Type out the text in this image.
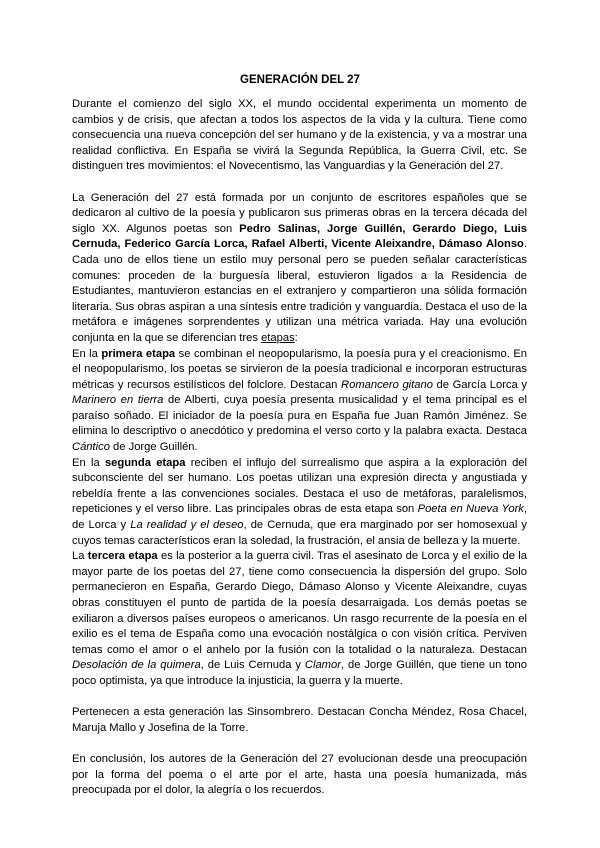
GENERACIÓN DEL 27

Durante el comienzo del siglo XX, el mundo occidental experimenta un momento de cambios y de crisis, que afectan a todos los aspectos de la vida y la cultura. Tiene como consecuencia una nueva concepción del ser humano y de la existencia, y va a mostrar una realidad conflictiva. En España se vivirá la Segunda República, la Guerra Civil, etc. Se distinguen tres movimientos: el Novecentismo, las Vanguardias y la Generación del 27.

La Generación del 27 está formada por un conjunto de escritores españoles que se dedicaron al cultivo de la poesía y publicaron sus primeras obras en la tercera década del siglo XX. Algunos poetas son Pedro Salinas, Jorge Guillén, Gerardo Diego, Luis Cernuda, Federico García Lorca, Rafael Alberti, Vicente Aleixandre, Dámaso Alonso. Cada uno de ellos tiene un estilo muy personal pero se pueden señalar características comunes: proceden de la burguesía liberal, estuvieron ligados a la Residencia de Estudiantes, mantuvieron estancias en el extranjero y compartieron una sólida formación literaria. Sus obras aspiran a una síntesis entre tradición y vanguardia. Destaca el uso de la metáfora e imágenes sorprendentes y utilizan una métrica variada. Hay una evolución conjunta en la que se diferencian tres etapas:

En la primera etapa se combinan el neopopularismo, la poesía pura y el creacionismo. En el neopopularismo, los poetas se sirvieron de la poesía tradicional e incorporan estructuras métricas y recursos estilísticos del folclore. Destacan Romancero gitano de García Lorca y Marinero en tierra de Alberti, cuya poesía presenta musicalidad y el tema principal es el paraíso soñado. El iniciador de la poesía pura en España fue Juan Ramón Jiménez. Se elimina lo descriptivo o anecdótico y predomina el verso corto y la palabra exacta. Destaca Cántico de Jorge Guillén.

En la segunda etapa reciben el influjo del surrealismo que aspira a la exploración del subconsciente del ser humano. Los poetas utilizan una expresión directa y angustiada y rebeldía frente a las convenciones sociales. Destaca el uso de metáforas, paralelismos, repeticiones y el verso libre. Las principales obras de esta etapa son Poeta en Nueva York, de Lorca y La realidad y el deseo, de Cernuda, que era marginado por ser homosexual y cuyos temas característicos eran la soledad, la frustración, el ansia de belleza y la muerte.

La tercera etapa es la posterior a la guerra civil. Tras el asesinato de Lorca y el exilio de la mayor parte de los poetas del 27, tiene como consecuencia la dispersión del grupo. Solo permanecieron en España, Gerardo Diego, Dámaso Alonso y Vicente Aleixandre, cuyas obras constituyen el punto de partida de la poesía desarraigada. Los demás poetas se exiliaron a diversos países europeos o americanos. Un rasgo recurrente de la poesía en el exilio es el tema de España como una evocación nostálgica o con visión crítica. Perviven temas como el amor o el anhelo por la fusión con la totalidad o la naturaleza. Destacan Desolación de la quimera, de Luis Cernuda y Clamor, de Jorge Guillén, que tiene un tono poco optimista, ya que introduce la injusticia, la guerra y la muerte.

Pertenecen a esta generación las Sinsombrero. Destacan Concha Méndez, Rosa Chacel, Maruja Mallo y Josefina de la Torre.

En conclusión, los autores de la Generación del 27 evolucionan desde una preocupación por la forma del poema o el arte por el arte, hasta una poesía humanizada, más preocupada por el dolor, la alegría o los recuerdos.
